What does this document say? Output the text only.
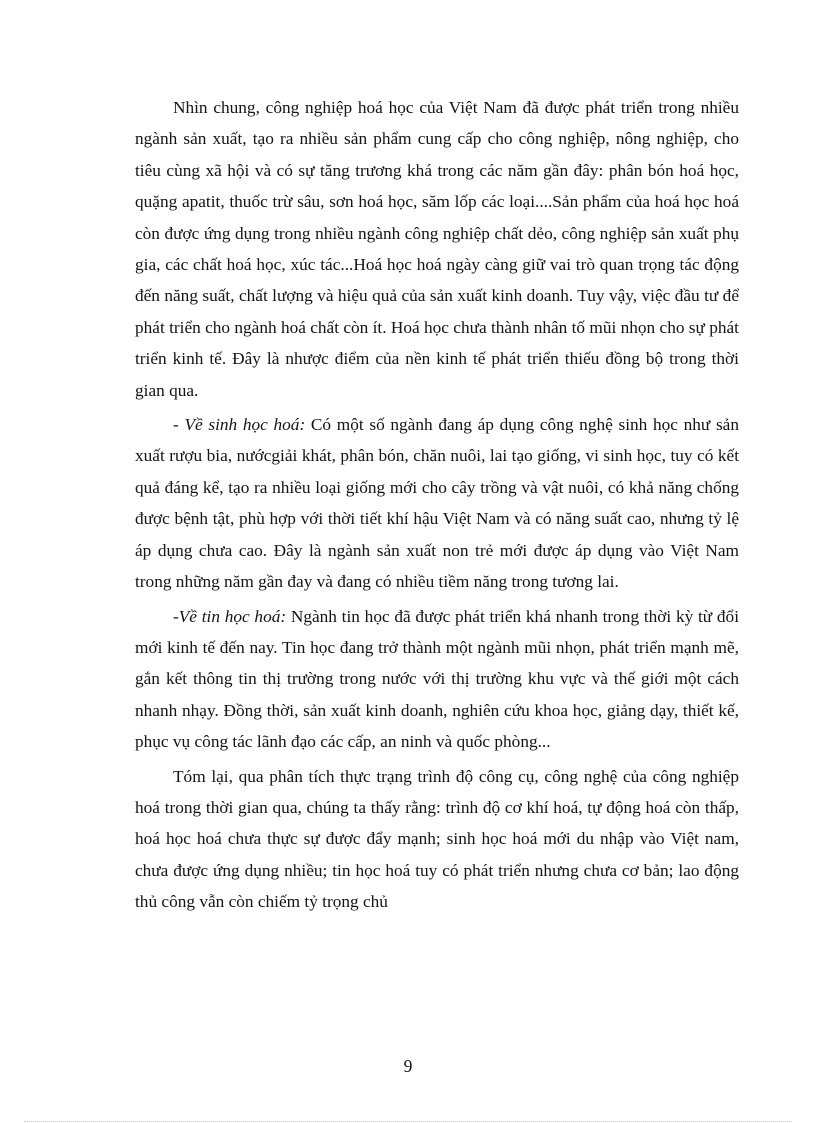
Nhìn chung, công nghiệp hoá học của Việt Nam đã được phát triển trong nhiều ngành sản xuất, tạo ra nhiều sản phẩm cung cấp cho công nghiệp, nông nghiệp, cho tiêu cùng xã hội và có sự tăng trương khá trong các năm gần đây: phân bón hoá học, quặng apatit, thuốc trừ sâu, sơn hoá học, săm lốp các loại....Sản phẩm của hoá học hoá còn được ứng dụng trong nhiều ngành công nghiệp chất dẻo, công nghiệp sản xuất phụ gia, các chất hoá học, xúc tác...Hoá học hoá ngày càng giữ vai trò quan trọng tác động đến năng suất, chất lượng và hiệu quả của sản xuất kinh doanh. Tuy vậy, việc đầu tư để phát triển cho ngành hoá chất còn ít. Hoá học chưa thành nhân tố mũi nhọn cho sự phát triển kinh tế. Đây là nhược điểm của nền kinh tế phát triển thiếu đồng bộ trong thời gian qua.

- Về sinh học hoá: Có một số ngành đang áp dụng công nghệ sinh học như sản xuất rượu bia, nướcgiải khát, phân bón, chăn nuôi, lai tạo giống, vi sinh học, tuy có kết quả đáng kể, tạo ra nhiều loại giống mới cho cây trồng và vật nuôi, có khả năng chống được bệnh tật, phù hợp với thời tiết khí hậu Việt Nam và có năng suất cao, nhưng tỷ lệ áp dụng chưa cao. Đây là ngành sản xuất non trẻ mới được áp dụng vào Việt Nam trong những năm gần đay và đang có nhiều tiềm năng trong tương lai.

-Về tin học hoá: Ngành tin học đã được phát triển khá nhanh trong thời kỳ từ đổi mới kinh tế đến nay. Tin học đang trở thành một ngành mũi nhọn, phát triển mạnh mẽ, gắn kết thông tin thị trường trong nước với thị trường khu vực và thế giới một cách nhanh nhạy. Đồng thời, sản xuất kinh doanh, nghiên cứu khoa học, giảng dạy, thiết kế, phục vụ công tác lãnh đạo các cấp, an ninh và quốc phòng...

Tóm lại, qua phân tích thực trạng trình độ công cụ, công nghệ của công nghiệp hoá trong thời gian qua, chúng ta thấy rằng: trình độ cơ khí hoá, tự động hoá còn thấp, hoá học hoá chưa thực sự được đẩy mạnh; sinh học hoá mới du nhập vào Việt nam, chưa được ứng dụng nhiều; tin học hoá tuy có phát triển nhưng chưa cơ bản; lao động thủ công vẫn còn chiếm tỷ trọng chủ

9
